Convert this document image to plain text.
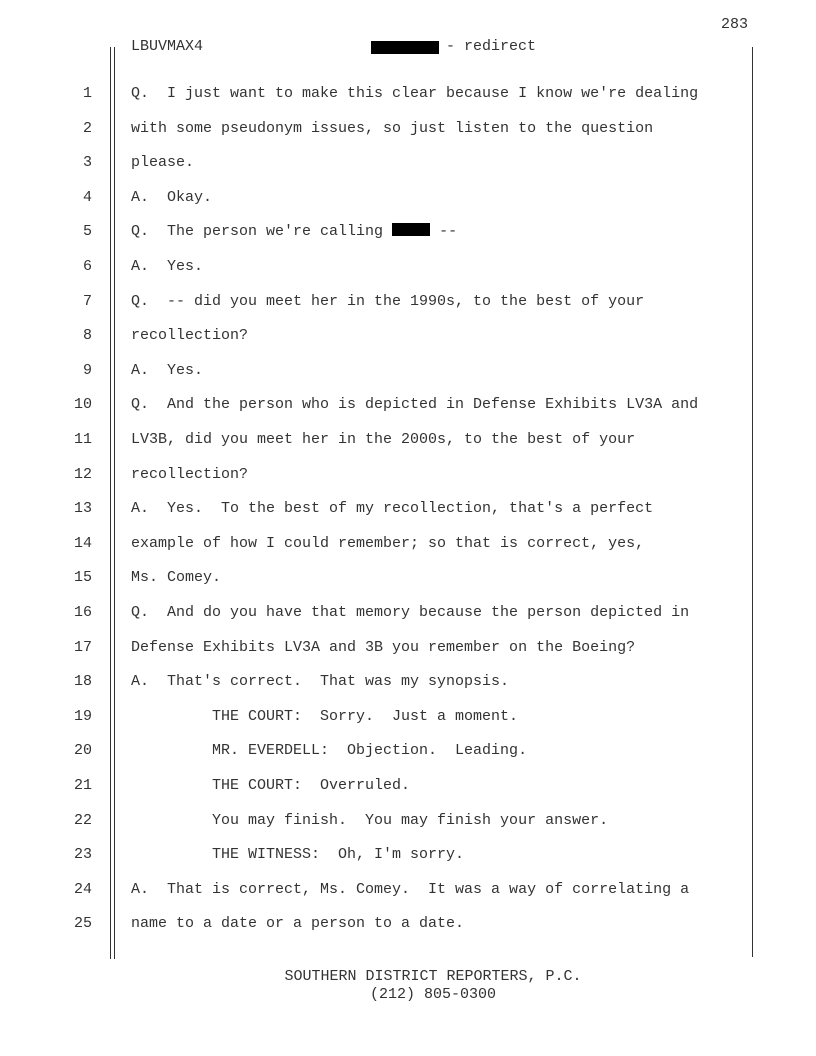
283
LBUVMAX4	- redirect
1	Q.  I just want to make this clear because I know we're dealing
2	with some pseudonym issues, so just listen to the question
3	please.
4	A.  Okay.
5	Q.  The person we're calling	--
6	A.  Yes.
7	Q.  -- did you meet her in the 1990s, to the best of your
8	recollection?
9	A.  Yes.
10	Q.  And the person who is depicted in Defense Exhibits LV3A and
11	LV3B, did you meet her in the 2000s, to the best of your
12	recollection?
13	A.  Yes.  To the best of my recollection, that's a perfect
14	example of how I could remember; so that is correct, yes,
15	Ms. Comey.
16	Q.  And do you have that memory because the person depicted in
17	Defense Exhibits LV3A and 3B you remember on the Boeing?
18	A.  That's correct.  That was my synopsis.
19	THE COURT:  Sorry.  Just a moment.
20	MR. EVERDELL:  Objection.  Leading.
21	THE COURT:  Overruled.
22	You may finish.  You may finish your answer.
23	THE WITNESS:  Oh, I'm sorry.
24	A.  That is correct, Ms. Comey.  It was a way of correlating a
25	name to a date or a person to a date.
SOUTHERN DISTRICT REPORTERS, P.C.
(212) 805-0300
